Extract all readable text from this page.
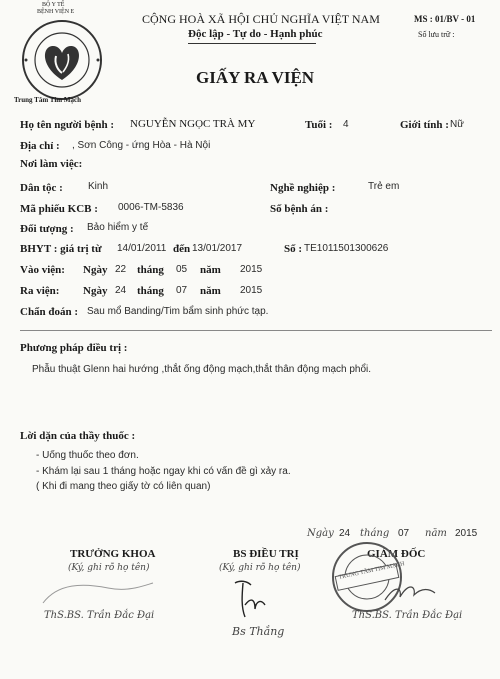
BỘ Y TẾ
BỆNH VIỆN E
Trung Tâm Tim Mạch
CỘNG HOÀ XÃ HỘI CHỦ NGHĨA VIỆT NAM
Độc lập - Tự do - Hạnh phúc
MS : 01/BV - 01
Số lưu trữ :
GIẤY RA VIỆN
Họ tên người bệnh : NGUYỄN NGỌC TRÀ MY	Tuổi : 4	Giới tính : Nữ
Địa chỉ : , Sơn Công - ứng Hòa - Hà Nội
Nơi làm việc:
Dân tộc :	Kinh	Nghề nghiệp :	Trẻ em
Mã phiếu KCB : 0006-TM-5836	Số bệnh án :
Đối tượng : Bảo hiểm y tế
BHYT : giá trị từ 14/01/2011 đến 13/01/2017	Số : TE1011501300626
Vào viện: Ngày 22 tháng 05 năm 2015
Ra viện: Ngày 24 tháng 07 năm 2015
Chẩn đoán : Sau mổ Banding/Tim bẩm sinh phức tạp.
Phương pháp điều trị :
Phẫu thuật Glenn hai hướng ,thắt ống động mạch,thắt thân động mạch phổi.
Lời dặn của thầy thuốc :
- Uống thuốc theo đơn.
- Khám lại sau 1 tháng hoặc ngay khi có vấn đề gì xảy ra.
( Khi đi mang theo giấy tờ có liên quan)
Ngày 24 tháng 07 năm 2015
TRƯỞNG KHOA
(Ký, ghi rõ họ tên)
ThS.BS. Trần Đắc Đại
BS ĐIỀU TRỊ
(Ký, ghi rõ họ tên)
Bs Thắng
GIÁM ĐỐC
TRUNG TÂM TIM MẠCH
ThS.BS. Trần Đắc Đại
